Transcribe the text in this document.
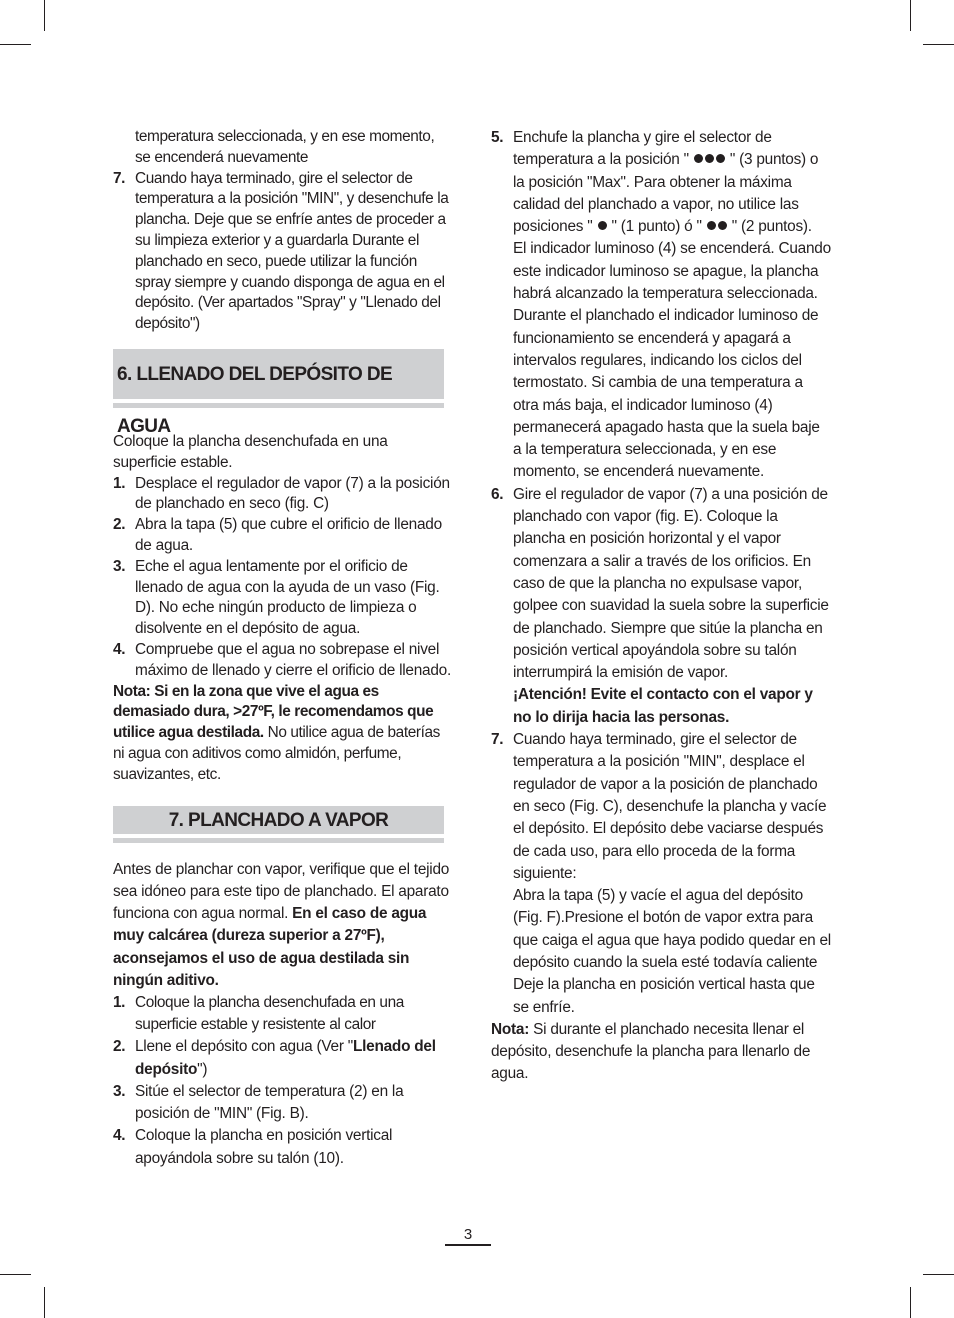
temperatura seleccionada, y en ese momento, se encenderá nuevamente
7. Cuando haya terminado, gire el selector de temperatura a la posición "MIN", y desenchufe la plancha. Deje que se enfríe antes de proceder a su limpieza exterior y a guardarla Durante el planchado en seco, puede utilizar la función spray siempre y cuando disponga de agua en el depósito. (Ver apartados "Spray" y "Llenado del depósito")
6. LLENADO DEL DEPÓSITO DE AGUA
Coloque la plancha desenchufada en una superficie estable.
1. Desplace el regulador de vapor (7) a la posición de planchado en seco (fig. C)
2. Abra la tapa (5) que cubre el orificio de llenado de agua.
3. Eche el agua lentamente por el orificio de llenado de agua con la ayuda de un vaso (Fig. D). No eche ningún producto de limpieza o disolvente en el depósito de agua.
4. Compruebe que el agua no sobrepase el nivel máximo de llenado y cierre el orificio de llenado.
Nota: Si en la zona que vive el agua es demasiado dura, >27ºF, le recomendamos que utilice agua destilada. No utilice agua de baterías ni agua con aditivos como almidón, perfume, suavizantes, etc.
7. PLANCHADO A VAPOR
Antes de planchar con vapor, verifique que el tejido sea idóneo para este tipo de planchado. El aparato funciona con agua normal. En el caso de agua muy calcárea (dureza superior a 27ºF), aconsejamos el uso de agua destilada sin ningún aditivo.
1. Coloque la plancha desenchufada en una superficie estable y resistente al calor
2. Llene el depósito con agua (Ver "Llenado del depósito")
3. Sitúe el selector de temperatura (2) en la posición de "MIN" (Fig. B).
4. Coloque la plancha en posición vertical apoyándola sobre su talón (10).
5. Enchufe la plancha y gire el selector de temperatura a la posición "  " (3 puntos) o la posición "Max". Para obtener la máxima calidad del planchado a vapor, no utilice las posiciones "  " (1 punto) ó "  " (2 puntos).
El indicador luminoso (4) se encenderá. Cuando este indicador luminoso se apague, la plancha habrá alcanzado la temperatura seleccionada. Durante el planchado el indicador luminoso de funcionamiento se encenderá y apagará a intervalos regulares, indicando los ciclos del termostato. Si cambia de una temperatura a otra más baja, el indicador luminoso (4) permanecerá apagado hasta que la suela baje a la temperatura seleccionada, y en ese momento, se encenderá nuevamente.
6. Gire el regulador de vapor (7) a una posición de planchado con vapor (fig. E). Coloque la plancha en posición horizontal y el vapor comenzara a salir a través de los orificios. En caso de que la plancha no expulsase vapor, golpee con suavidad la suela sobre la superficie de planchado. Siempre que sitúe la plancha en posición vertical apoyándola sobre su talón interrumpirá la emisión de vapor.
¡Atención! Evite el contacto con el vapor y no lo dirija hacia las personas.
7. Cuando haya terminado, gire el selector de temperatura a la posición "MIN", desplace el regulador de vapor a la posición de planchado en seco (Fig. C), desenchufe la plancha y vacíe el depósito. El depósito debe vaciarse después de cada uso, para ello proceda de la forma siguiente:
Abra la tapa (5) y vacíe el agua del depósito (Fig. F).Presione el botón de vapor extra para que caiga el agua que haya podido quedar en el depósito cuando la suela esté todavía caliente Deje la plancha en posición vertical hasta que se enfríe.
Nota: Si durante el planchado necesita llenar el depósito, desenchufe la plancha para llenarlo de agua.
3
